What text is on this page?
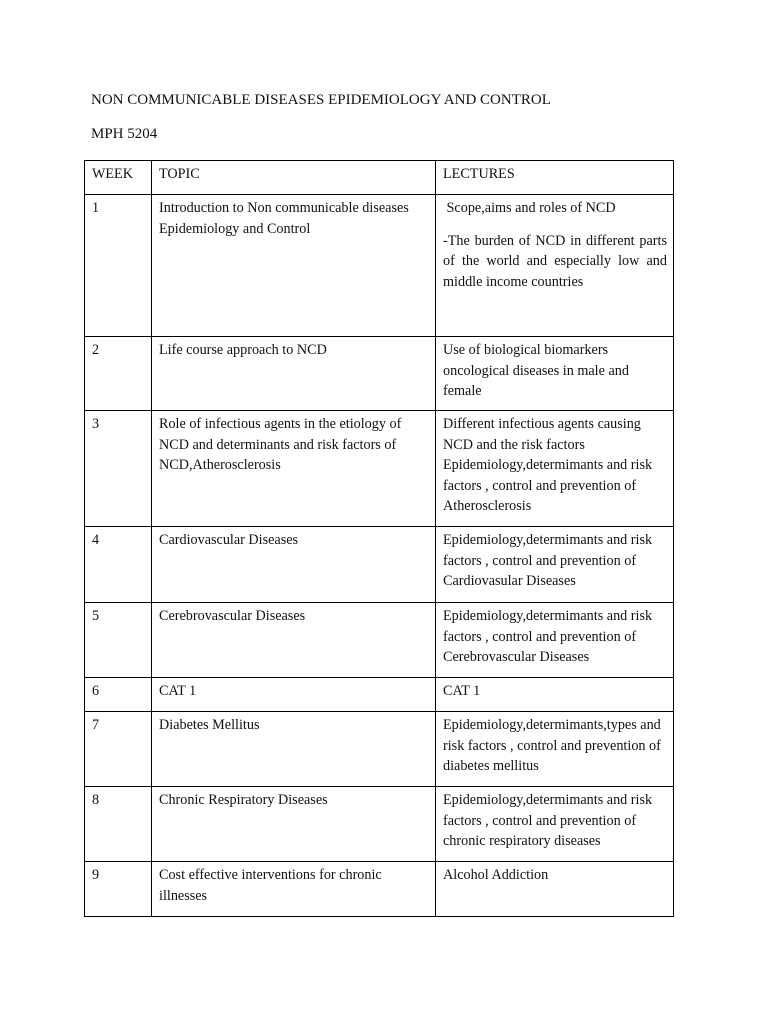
NON COMMUNICABLE DISEASES EPIDEMIOLOGY AND CONTROL
MPH 5204
WEEK	TOPIC	LECTURES
1	Introduction to Non communicable diseases Epidemiology and Control	Scope,aims and roles of NCD
-The burden of NCD in different parts of the world and especially low and middle income countries

2	Life course approach to NCD	Use of biological biomarkers oncological diseases in male and female
3	Role of infectious agents in the etiology of NCD and determinants and risk factors of NCD,Atherosclerosis	Different infectious agents causing NCD and the risk factors Epidemiology,determimants and risk factors , control and prevention of Atherosclerosis
4	Cardiovascular Diseases	Epidemiology,determimants and risk factors , control and prevention of Cardiovasular Diseases
5	Cerebrovascular Diseases	Epidemiology,determimants and risk factors , control and prevention of Cerebrovascular Diseases
6	CAT 1	CAT 1
7	Diabetes Mellitus	Epidemiology,determimants,types and risk factors , control and prevention of diabetes mellitus
8	Chronic Respiratory Diseases	Epidemiology,determimants and risk factors , control and prevention of chronic respiratory diseases
9	Cost effective interventions for chronic illnesses	Alcohol Addiction
